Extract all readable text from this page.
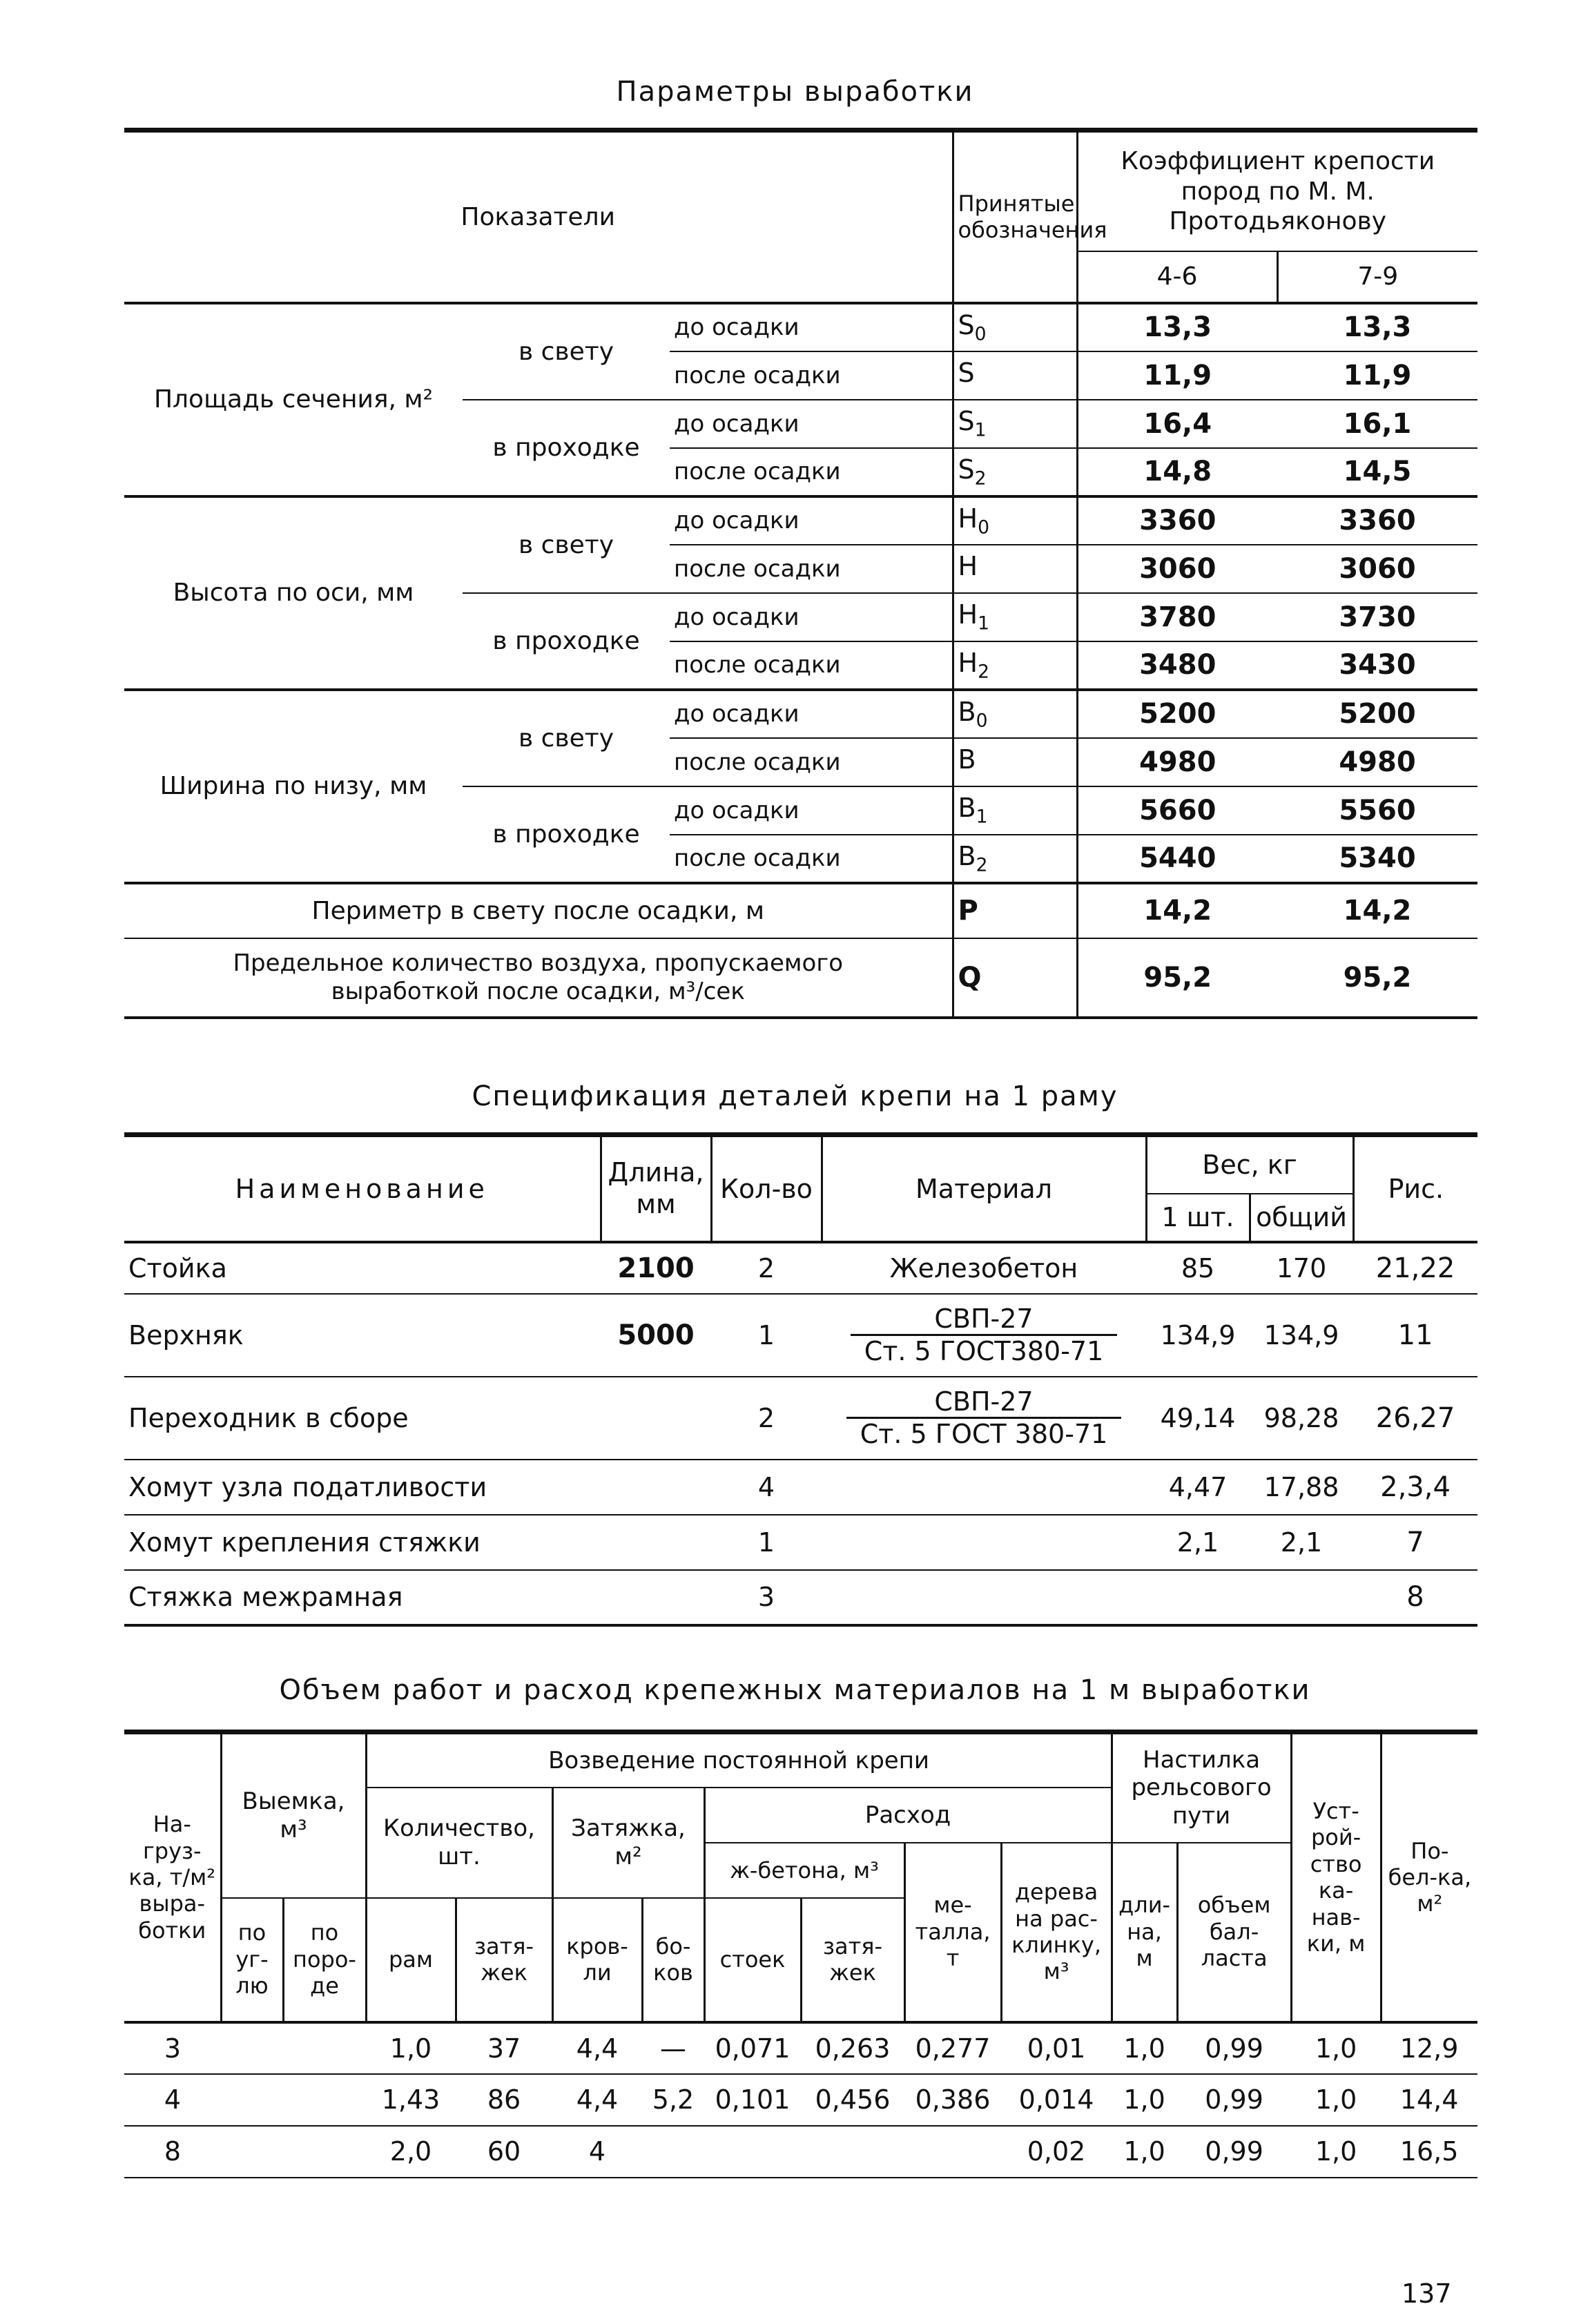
Параметры выработки
Показатели			Принятые обозначения	Коэффициент крепости пород по М. М. Протодьяконову	
				4-6	7-9
Площадь сечения, м²	в свету	до осадки	$S_0$	13,3	13,3
		после осадки	S	11,9	11,9
	в проходке	до осадки	$S_1$	16,4	16,1
		после осадки	$S_2$	14,8	14,5
Высота по оси, мм	в свету	до осадки	$H_0$	3360	3360
		после осадки	H	3060	3060
	в проходке	до осадки	$H_1$	3780	3730
		после осадки	$H_2$	3480	3430
Ширина по низу, мм	в свету	до осадки	$B_0$	5200	5200
		после осадки	B	4980	4980
	в проходке	до осадки	$B_1$	5660	5560
		после осадки	$B_2$	5440	5340
Периметр в свету после осадки, м			P	14,2	14,2
Предельное количество воздуха, пропускаемого
выработкой после осадки, м³/сек			Q	95,2	95,2
Спецификация деталей крепи на 1 раму
Наименование	Длина, мм	Кол-во	Материал	Вес, кг		Рис.
				1 шт.	общий	
Стойка	2100	2	Железобетон	85	170	21,22
Верхняк	5000	1	$\frac{\text{СВП-27}}{\text{Ст. 5 ГОСТ380-71}}$	134,9	134,9	11
Переходник в сборе		2	$\frac{\text{СВП-27}}{\text{Ст. 5 ГОСТ 380-71}}$	49,14	98,28	26,27
Хомут узла податливости		4		4,47	17,88	2,3,4
Хомут крепления стяжки		1		2,1	2,1	7
Стяжка межрамная		3				8
Объем работ и расход крепежных материалов на 1 м выработки
На-груз-ка, т/м² выра-ботки	Выемка, м³		Возведение постоянной крепи								Настилка рельсового пути		Уст-рой-ство ка-нав-ки, м	По-бел-ка, м²
			Количество, шт.		Затяжка, м²		Расход							
							ж-бетона, м³		ме-талла, т	дерева на рас-клинку, м³	дли-на, м	объем бал-ласта		
	по уг-лю	по поро-де	рам	затя-жек	кров-ли	бо-ков	стоек	затя-жек						
3			1,0	37	4,4	—	0,071	0,263	0,277	0,01	1,0	0,99	1,0	12,9
4			1,43	86	4,4	5,2	0,101	0,456	0,386	0,014	1,0	0,99	1,0	14,4
8			2,0	60	4					0,02	1,0	0,99	1,0	16,5
137
